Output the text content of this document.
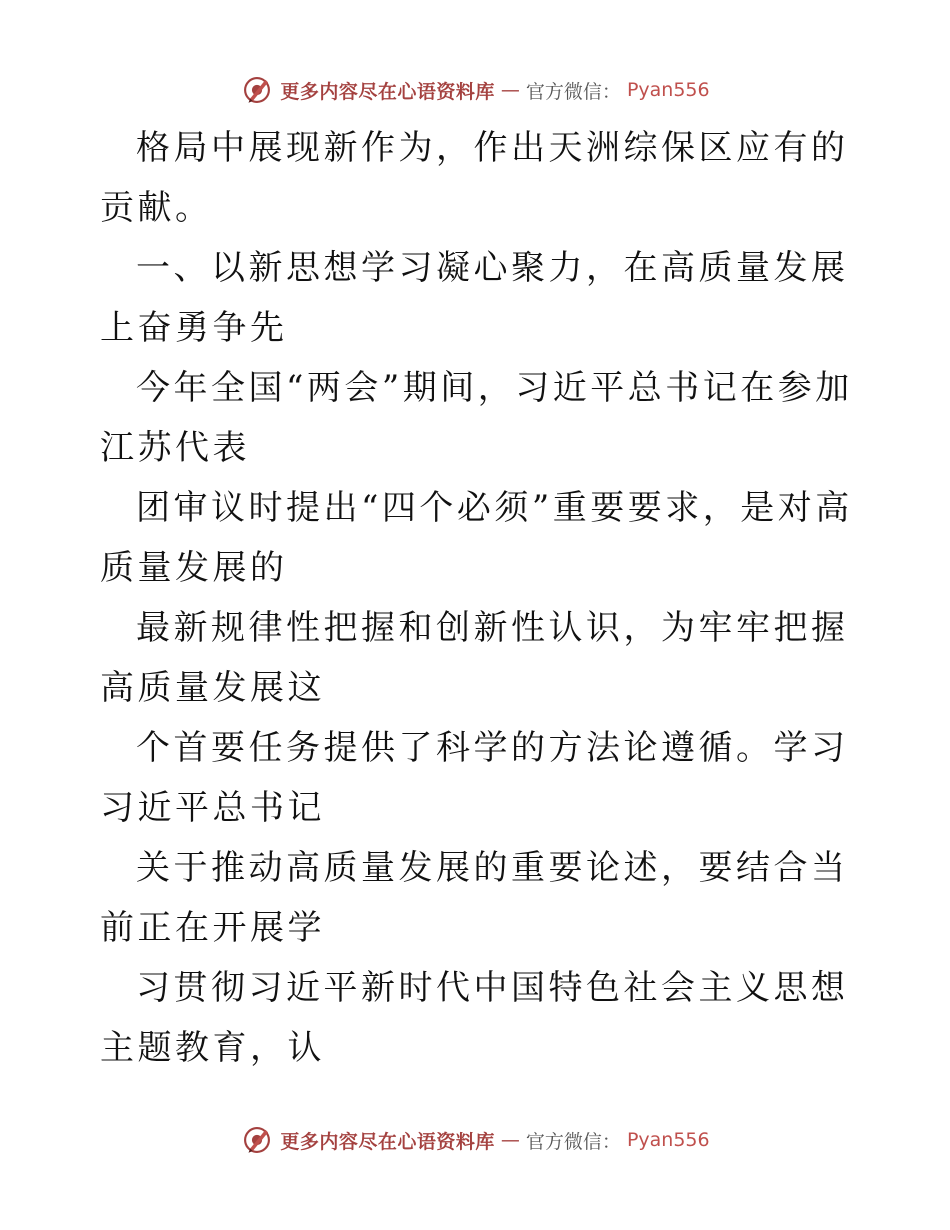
更多内容尽在心语资料库 — 官方微信： Pyan556

格局中展现新作为，作出天洲综保区应有的贡献。

一、以新思想学习凝心聚力，在高质量发展上奋勇争先

今年全国“两会”期间，习近平总书记在参加江苏代表

团审议时提出“四个必须”重要要求，是对高质量发展的

最新规律性把握和创新性认识，为牢牢把握高质量发展这

个首要任务提供了科学的方法论遵循。学习习近平总书记

关于推动高质量发展的重要论述，要结合当前正在开展学

习贯彻习近平新时代中国特色社会主义思想主题教育，认

更多内容尽在心语资料库 — 官方微信： Pyan556
